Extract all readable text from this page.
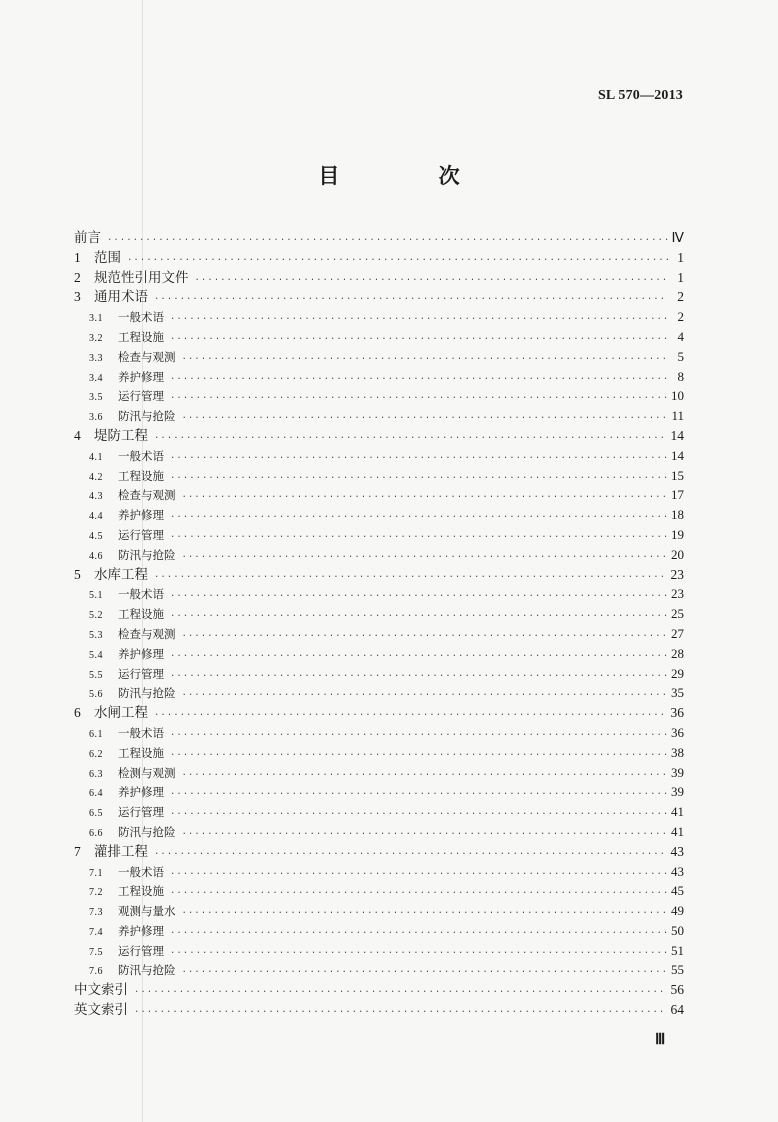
SL 570—2013
目 次
前言 ·····	Ⅳ
1 范围 ·····	1
2 规范性引用文件 ·····	1
3 通用术语 ·····	2
3.1	一般术语 ·····	2
3.2	工程设施 ·····	4
3.3	检查与观测 ·····	5
3.4	养护修理 ·····	8
3.5	运行管理 ·····	10
3.6	防汛与抢险 ·····	11
4 堤防工程 ·····	14
4.1	一般术语 ·····	14
4.2	工程设施 ·····	15
4.3	检查与观测 ·····	17
4.4	养护修理 ·····	18
4.5	运行管理 ·····	19
4.6	防汛与抢险 ·····	20
5 水库工程 ·····	23
5.1	一般术语 ·····	23
5.2	工程设施 ·····	25
5.3	检查与观测 ·····	27
5.4	养护修理 ·····	28
5.5	运行管理 ·····	29
5.6	防汛与抢险 ·····	35
6 水闸工程 ·····	36
6.1	一般术语 ·····	36
6.2	工程设施 ·····	38
6.3	检测与观测 ·····	39
6.4	养护修理 ·····	39
6.5	运行管理 ·····	41
6.6	防汛与抢险 ·····	41
7 灌排工程 ·····	43
7.1	一般术语 ·····	43
7.2	工程设施 ·····	45
7.3	观测与量水 ·····	49
7.4	养护修理 ·····	50
7.5	运行管理 ·····	51
7.6	防汛与抢险 ·····	55
中文索引 ·····	56
英文索引 ·····	64
Ⅲ
